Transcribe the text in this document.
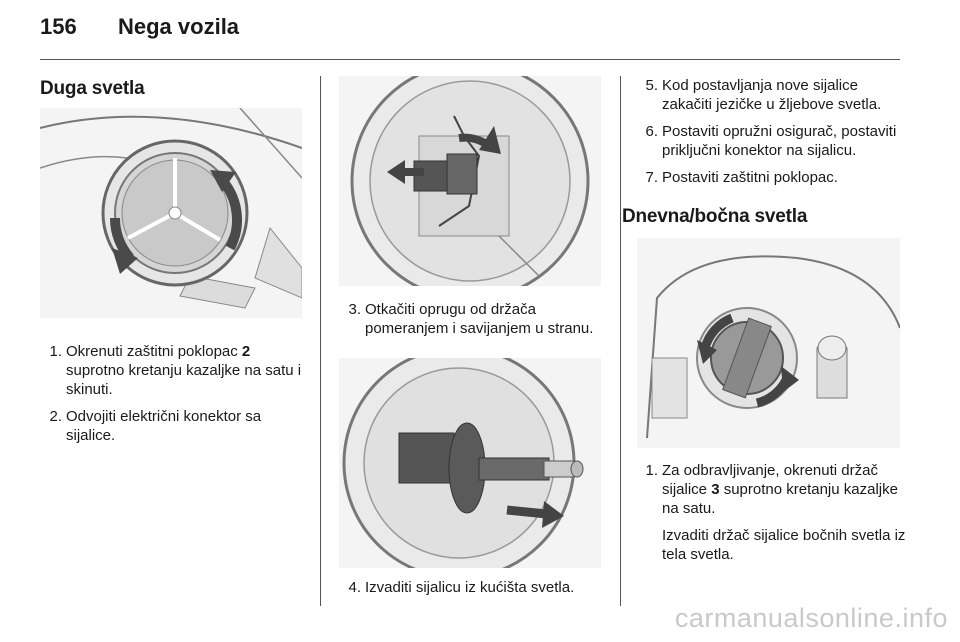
156	Nega vozila
Duga svetla
1. Okrenuti zaštitni poklopac 2 suprotno kretanju kazaljke na satu i skinuti.
2. Odvojiti električni konektor sa sijalice.
3. Otkačiti oprugu od držača pomeranjem i savijanjem u stranu.
4. Izvaditi sijalicu iz kućišta svetla.
5. Kod postavljanja nove sijalice zakačiti jezičke u žljebove svetla.
6. Postaviti opružni osigurač, postaviti priključni konektor na sijalicu.
7. Postaviti zaštitni poklopac.
Dnevna/bočna svetla
1. Za odbravljivanje, okrenuti držač sijalice 3 suprotno kretanju kazaljke na satu.
Izvaditi držač sijalice bočnih svetla iz tela svetla.
carmanualsonline.info
